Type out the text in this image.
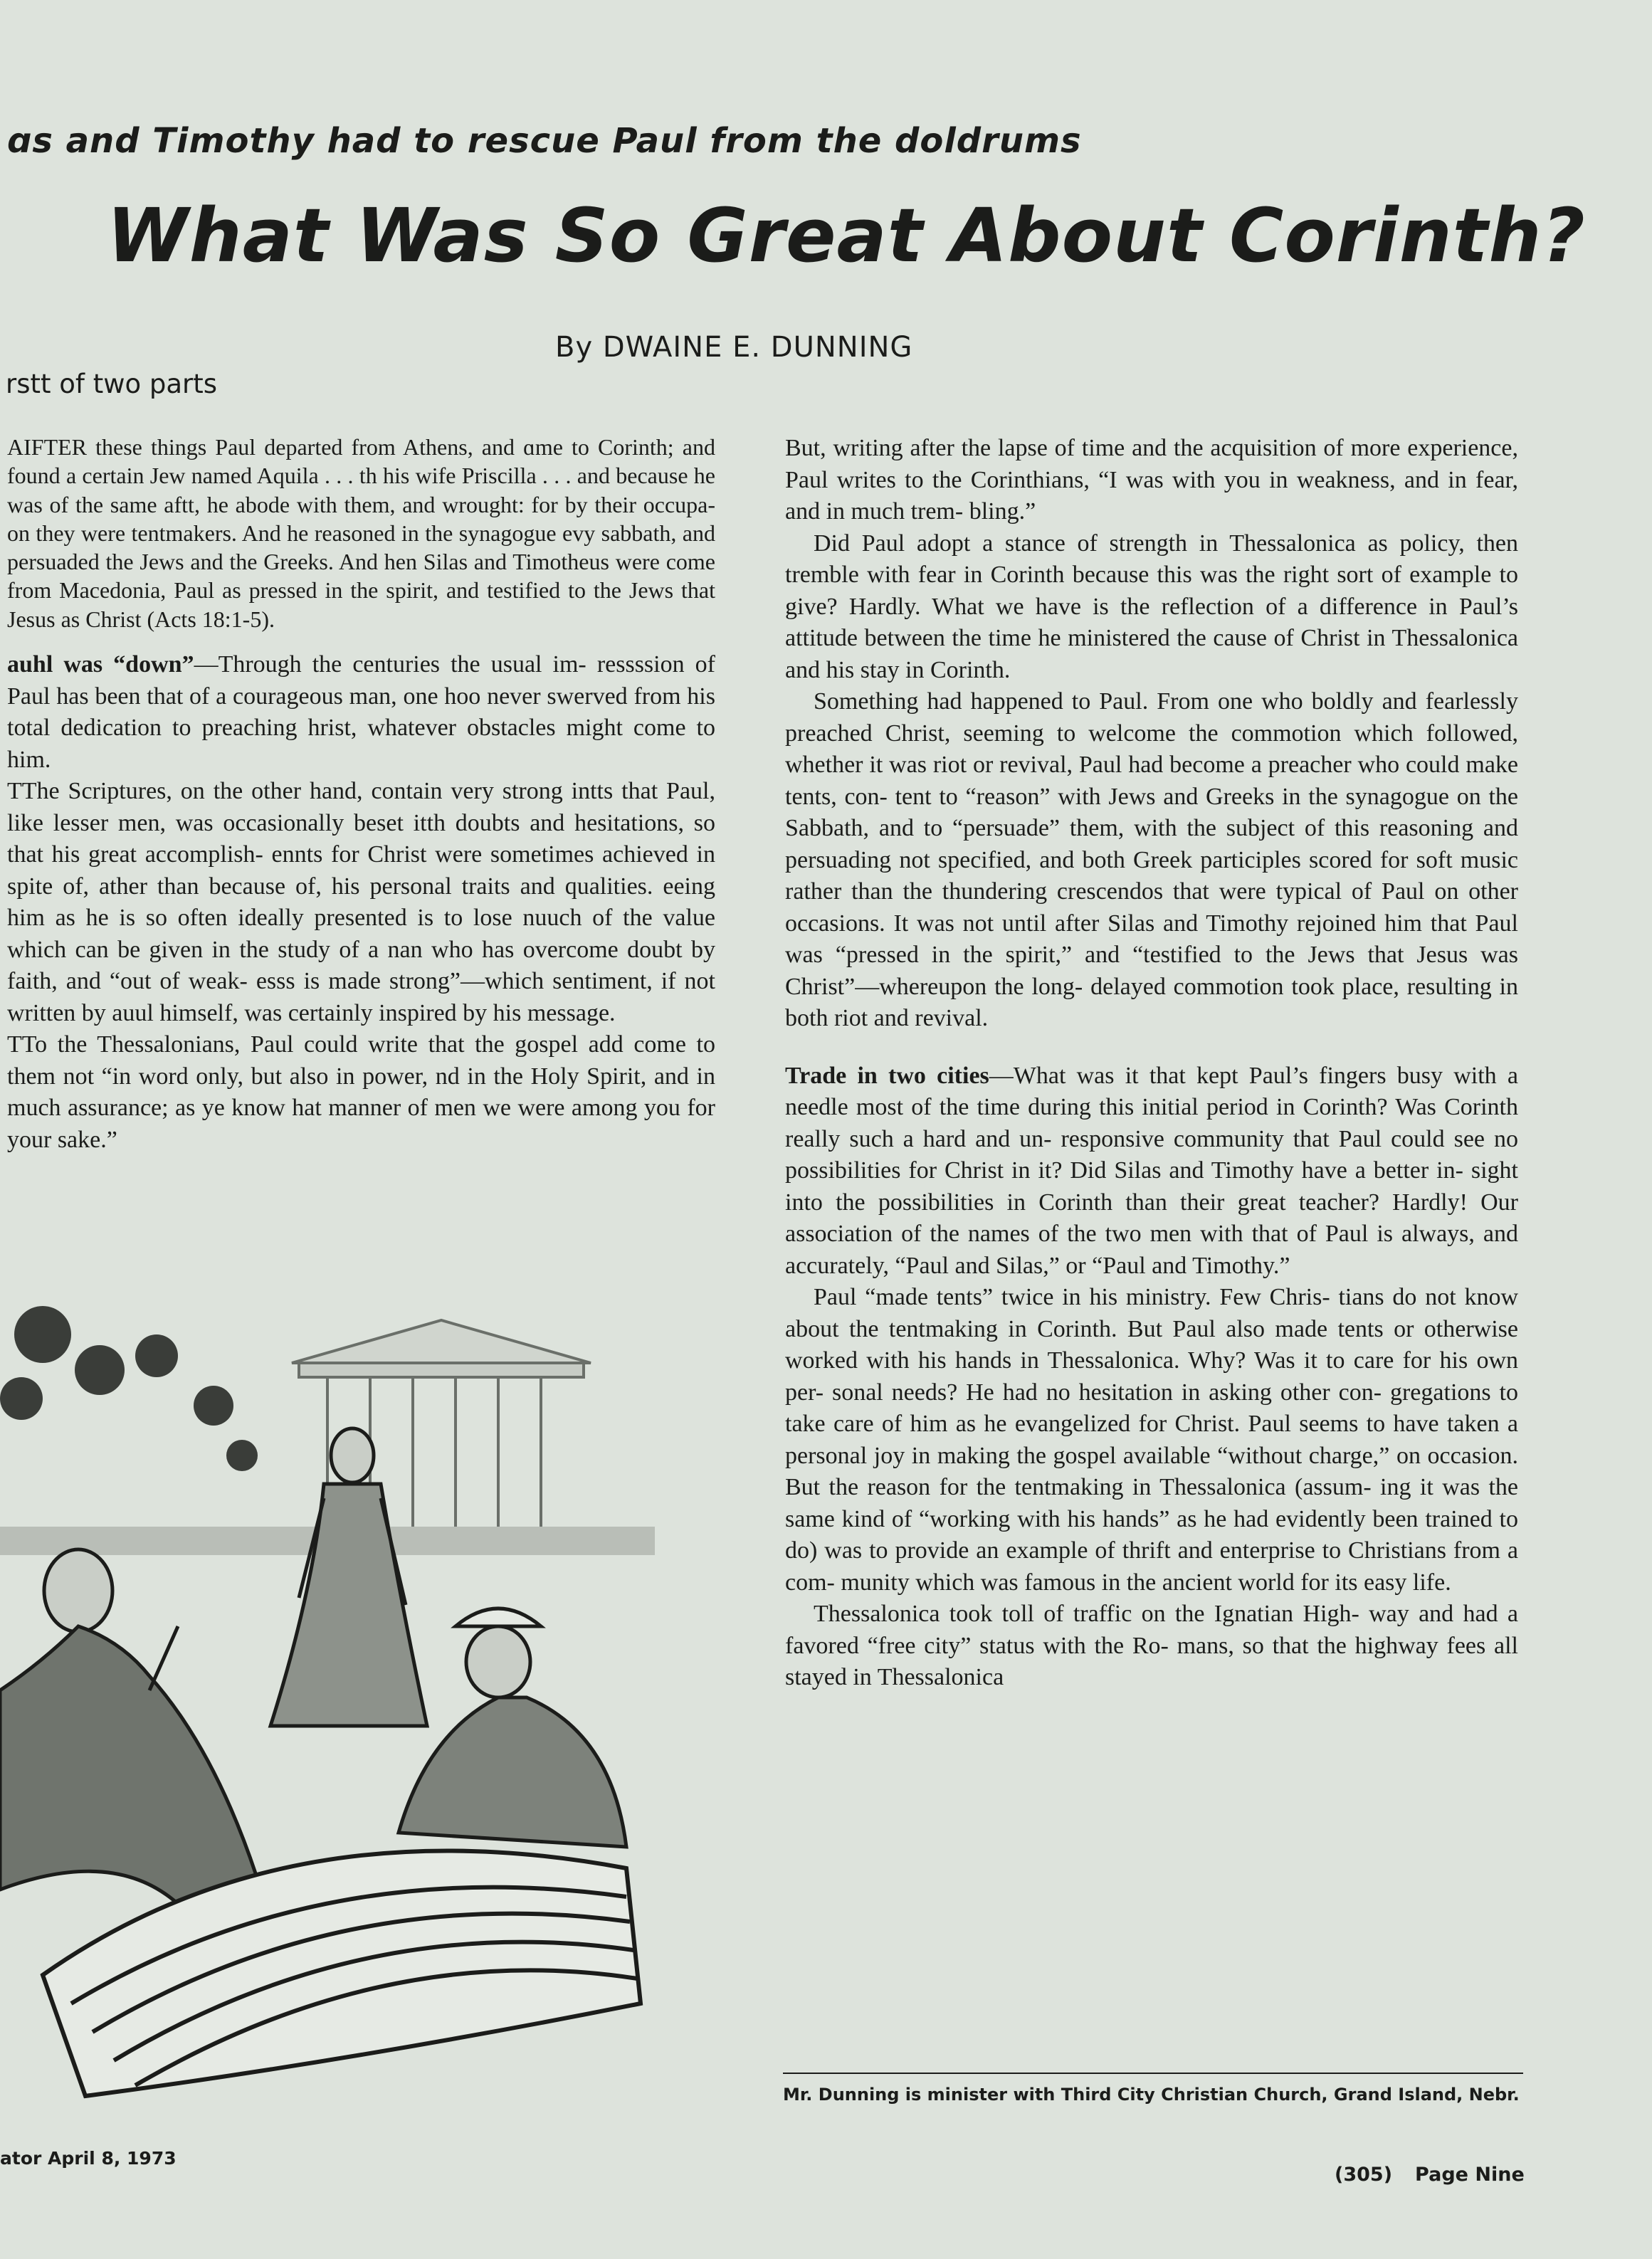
ɑs and Timothy had to rescue Paul from the doldrums
What Was So Great About Corinth?
By DWAINE E. DUNNING
rstt of two parts

AIFTER these things Paul departed from Athens, and ɑme to Corinth; and found a certain Jew named Aquila . . . th his wife Priscilla . . . and because he was of the same aftt, he abode with them, and wrought: for by their occupa- on they were tentmakers. And he reasoned in the synagogue evy sabbath, and persuaded the Jews and the Greeks. And hen Silas and Timotheus were come from Macedonia, Paul as pressed in the spirit, and testified to the Jews that Jesus as Christ (Acts 18:1-5).

auhl was “down”—Through the centuries the usual im- ressssion of Paul has been that of a courageous man, one hoo never swerved from his total dedication to preaching hrist, whatever obstacles might come to him.

TThe Scriptures, on the other hand, contain very strong intts that Paul, like lesser men, was occasionally beset itth doubts and hesitations, so that his great accomplish- ennts for Christ were sometimes achieved in spite of, ather than because of, his personal traits and qualities. eeing him as he is so often ideally presented is to lose nuuch of the value which can be given in the study of a nan who has overcome doubt by faith, and “out of weak- esss is made strong”—which sentiment, if not written by auul himself, was certainly inspired by his message.

TTo the Thessalonians, Paul could write that the gospel add come to them not “in word only, but also in power, nd in the Holy Spirit, and in much assurance; as ye know hat manner of men we were among you for your sake.”

But, writing after the lapse of time and the acquisition of more experience, Paul writes to the Corinthians, “I was with you in weakness, and in fear, and in much trem- bling.”

Did Paul adopt a stance of strength in Thessalonica as policy, then tremble with fear in Corinth because this was the right sort of example to give? Hardly. What we have is the reflection of a difference in Paul’s attitude between the time he ministered the cause of Christ in Thessalonica and his stay in Corinth.

Something had happened to Paul. From one who boldly and fearlessly preached Christ, seeming to welcome the commotion which followed, whether it was riot or revival, Paul had become a preacher who could make tents, con- tent to “reason” with Jews and Greeks in the synagogue on the Sabbath, and to “persuade” them, with the subject of this reasoning and persuading not specified, and both Greek participles scored for soft music rather than the thundering crescendos that were typical of Paul on other occasions. It was not until after Silas and Timothy rejoined him that Paul was “pressed in the spirit,” and “testified to the Jews that Jesus was Christ”—whereupon the long- delayed commotion took place, resulting in both riot and revival.

Trade in two cities—What was it that kept Paul’s fingers busy with a needle most of the time during this initial period in Corinth? Was Corinth really such a hard and un- responsive community that Paul could see no possibilities for Christ in it? Did Silas and Timothy have a better in- sight into the possibilities in Corinth than their great teacher? Hardly! Our association of the names of the two men with that of Paul is always, and accurately, “Paul and Silas,” or “Paul and Timothy.”

Paul “made tents” twice in his ministry. Few Chris- tians do not know about the tentmaking in Corinth. But Paul also made tents or otherwise worked with his hands in Thessalonica. Why? Was it to care for his own per- sonal needs? He had no hesitation in asking other con- gregations to take care of him as he evangelized for Christ. Paul seems to have taken a personal joy in making the gospel available “without charge,” on occasion. But the reason for the tentmaking in Thessalonica (assum- ing it was the same kind of “working with his hands” as he had evidently been trained to do) was to provide an example of thrift and enterprise to Christians from a com- munity which was famous in the ancient world for its easy life.

Thessalonica took toll of traffic on the Ignatian High- way and had a favored “free city” status with the Ro- mans, so that the highway fees all stayed in Thessalonica

Mr. Dunning is minister with Third City Christian Church, Grand Island, Nebr.
ator April 8, 1973
(305) Page Nine
